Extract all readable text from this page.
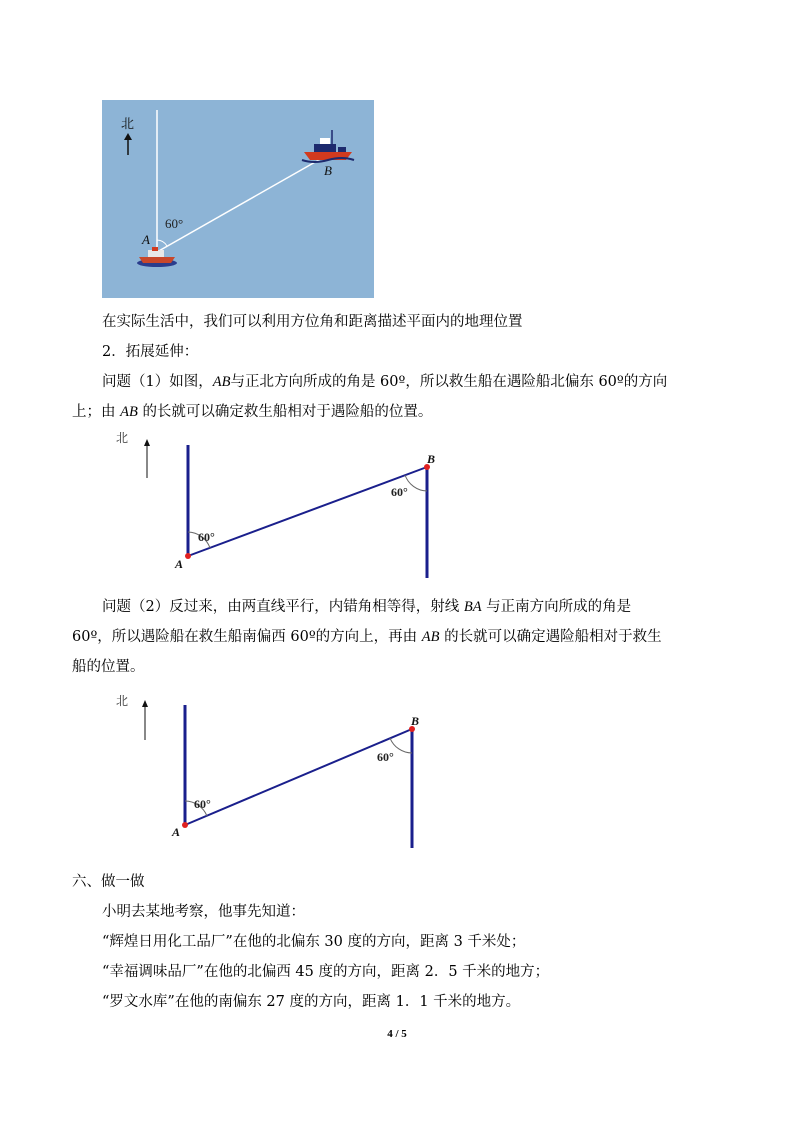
北
60°
A
B
在实际生活中，我们可以利用方位角和距离描述平面内的地理位置
2．拓展延伸：
问题（1）如图，AB与正北方向所成的角是 60º，所以救生船在遇险船北偏东 60º的方向
上；由 AB 的长就可以确定救生船相对于遇险船的位置。
北
60°
60°
A
B
问题（2）反过来，由两直线平行，内错角相等得，射线 BA 与正南方向所成的角是
60º，所以遇险船在救生船南偏西 60º的方向上，再由 AB 的长就可以确定遇险船相对于救生
船的位置。
北
60°
60°
A
B
六、做一做
小明去某地考察，他事先知道：
“辉煌日用化工品厂”在他的北偏东 30 度的方向，距离 3 千米处；
“幸福调味品厂”在他的北偏西 45 度的方向，距离 2．5 千米的地方；
“罗文水库”在他的南偏东 27 度的方向，距离 1．1 千米的地方。
4 / 5
